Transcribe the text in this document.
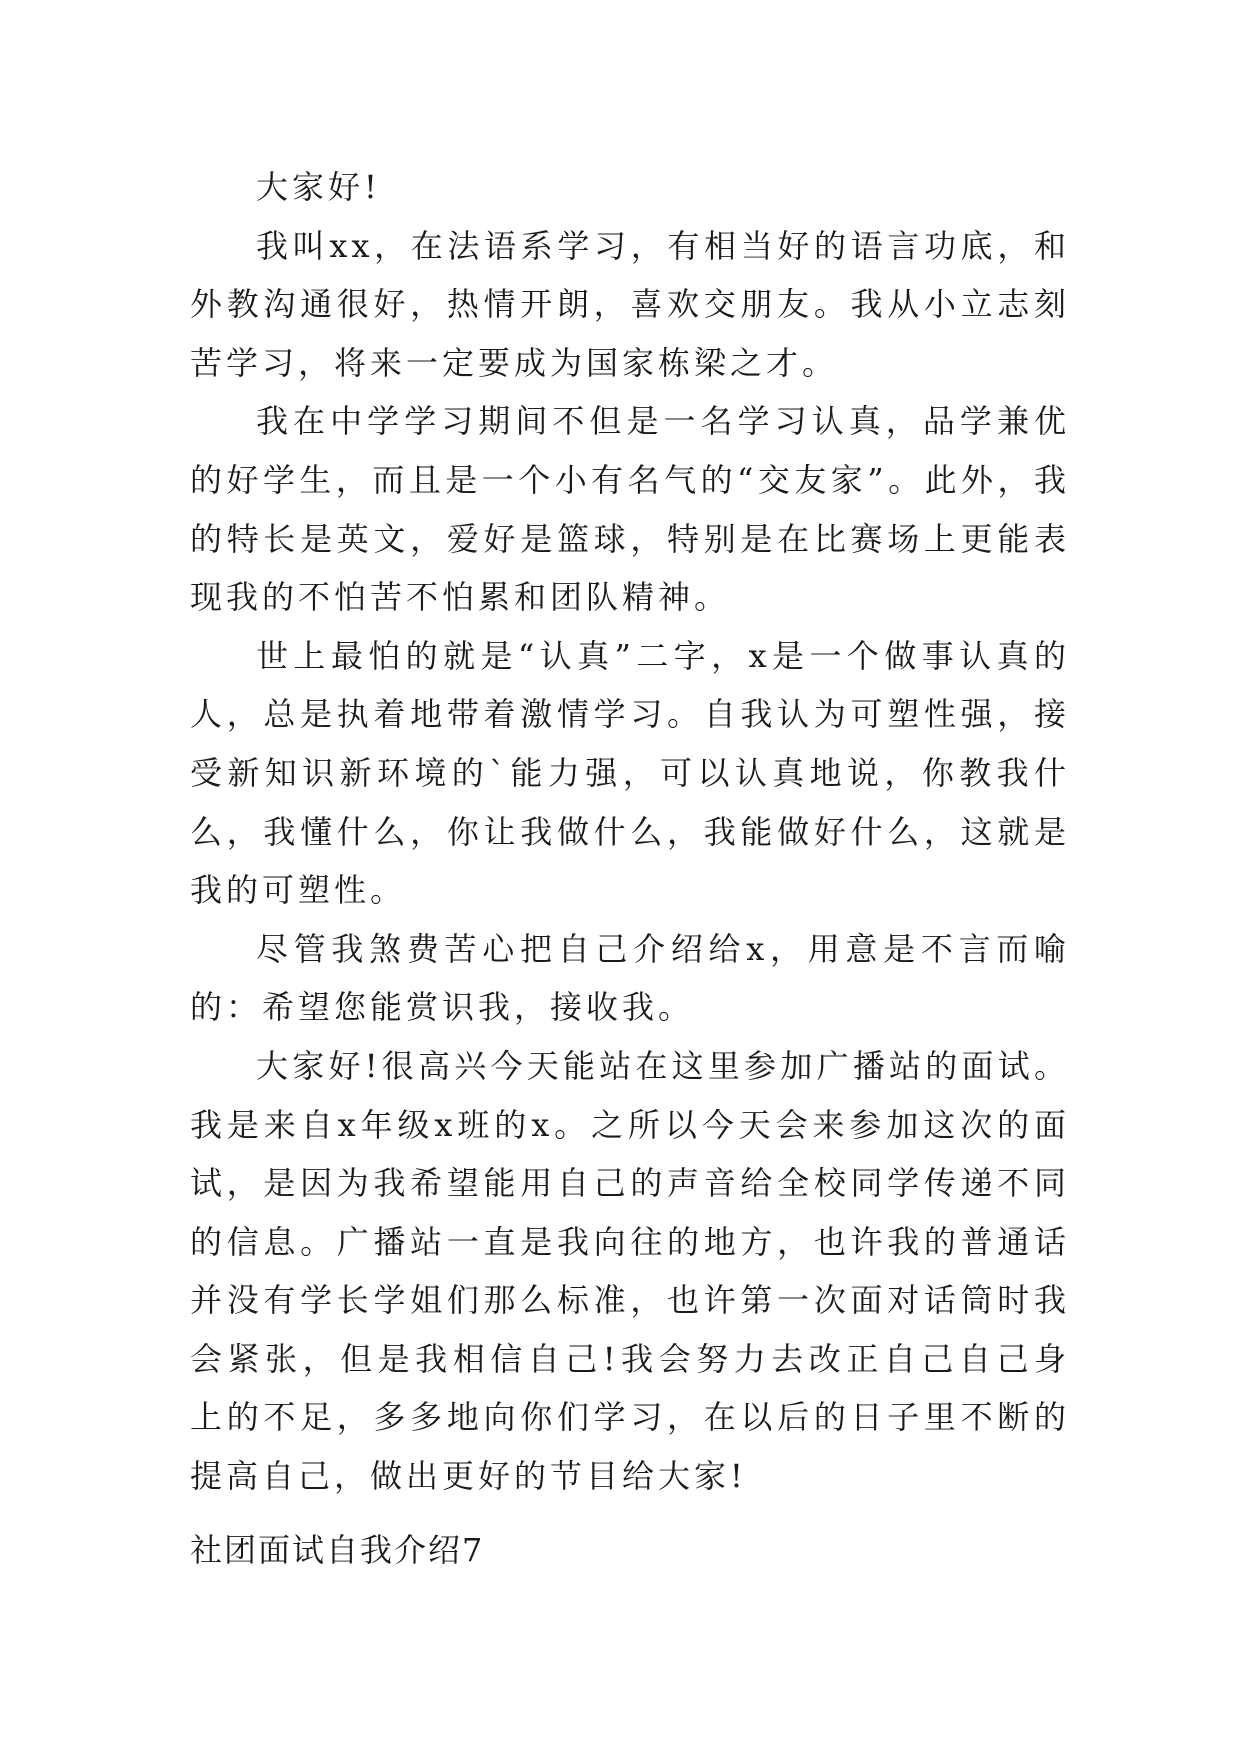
大家好!

我叫xx，在法语系学习，有相当好的语言功底，和外教沟通很好，热情开朗，喜欢交朋友。我从小立志刻苦学习，将来一定要成为国家栋梁之才。

我在中学学习期间不但是一名学习认真，品学兼优的好学生，而且是一个小有名气的“交友家”。此外，我的特长是英文，爱好是篮球，特别是在比赛场上更能表现我的不怕苦不怕累和团队精神。

世上最怕的就是“认真”二字，x是一个做事认真的人，总是执着地带着激情学习。自我认为可塑性强，接受新知识新环境的`能力强，可以认真地说，你教我什么，我懂什么，你让我做什么，我能做好什么，这就是我的可塑性。

尽管我煞费苦心把自己介绍给x，用意是不言而喻的：希望您能赏识我，接收我。

大家好!很高兴今天能站在这里参加广播站的面试。我是来自x年级x班的x。之所以今天会来参加这次的面试，是因为我希望能用自己的声音给全校同学传递不同的信息。广播站一直是我向往的地方，也许我的普通话并没有学长学姐们那么标准，也许第一次面对话筒时我会紧张，但是我相信自己!我会努力去改正自己自己身上的不足，多多地向你们学习，在以后的日子里不断的提高自己，做出更好的节目给大家!

社团面试自我介绍7
